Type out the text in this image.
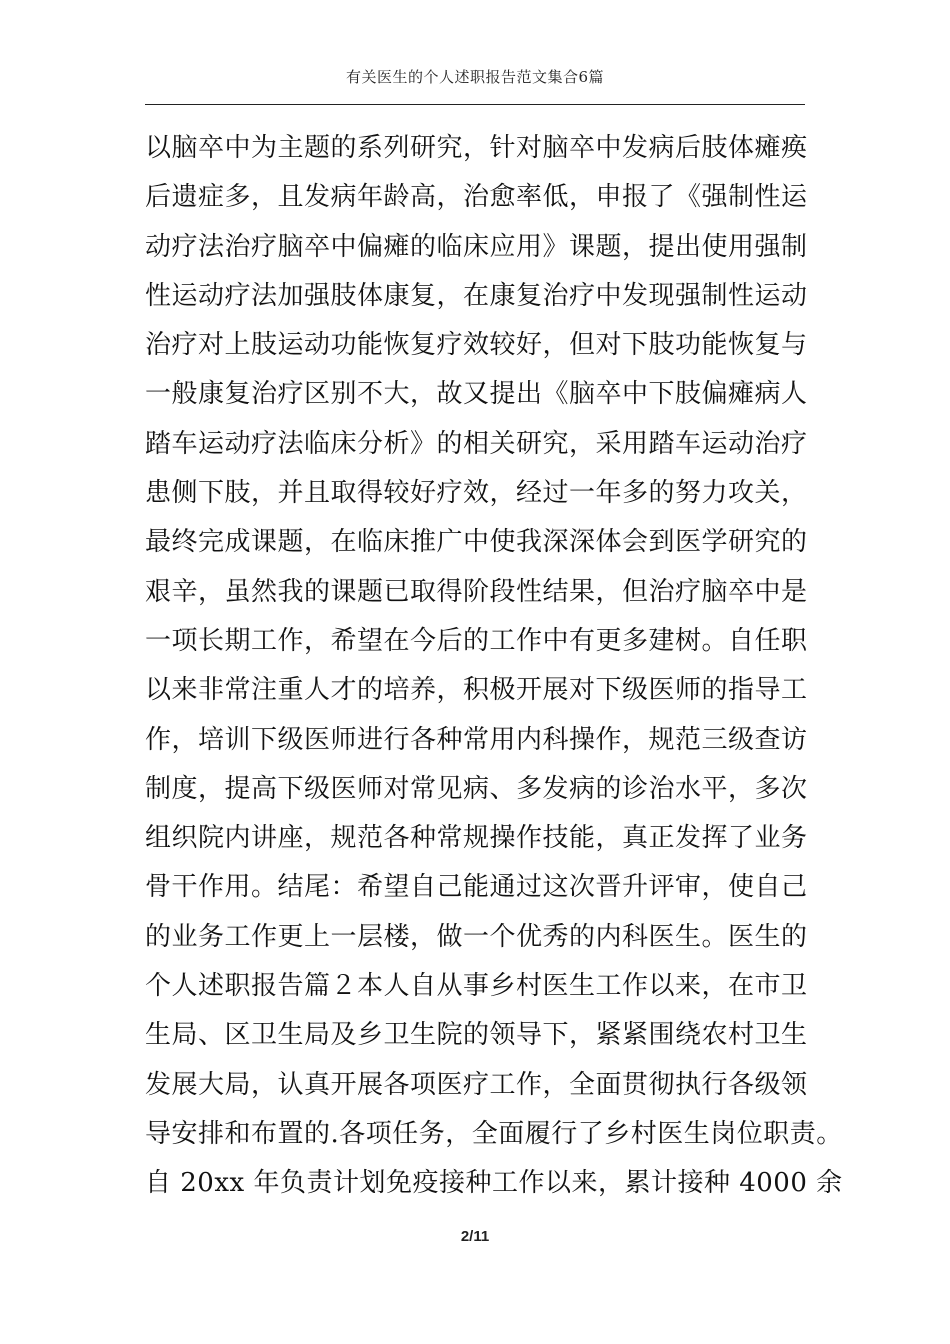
有关医生的个人述职报告范文集合6篇
以脑卒中为主题的系列研究，针对脑卒中发病后肢体瘫痪
后遗症多，且发病年龄高，治愈率低，申报了《强制性运
动疗法治疗脑卒中偏瘫的临床应用》课题，提出使用强制
性运动疗法加强肢体康复，在康复治疗中发现强制性运动
治疗对上肢运动功能恢复疗效较好，但对下肢功能恢复与
一般康复治疗区别不大，故又提出《脑卒中下肢偏瘫病人
踏车运动疗法临床分析》的相关研究，采用踏车运动治疗
患侧下肢，并且取得较好疗效，经过一年多的努力攻关，
最终完成课题，在临床推广中使我深深体会到医学研究的
艰辛，虽然我的课题已取得阶段性结果，但治疗脑卒中是
一项长期工作，希望在今后的工作中有更多建树。自任职
以来非常注重人才的培养，积极开展对下级医师的指导工
作，培训下级医师进行各种常用内科操作，规范三级查访
制度，提高下级医师对常见病、多发病的诊治水平，多次
组织院内讲座，规范各种常规操作技能，真正发挥了业务
骨干作用。结尾：希望自己能通过这次晋升评审，使自己
的业务工作更上一层楼，做一个优秀的内科医生。医生的
个人述职报告篇２本人自从事乡村医生工作以来，在市卫
生局、区卫生局及乡卫生院的领导下，紧紧围绕农村卫生
发展大局，认真开展各项医疗工作，全面贯彻执行各级领
导安排和布置的.各项任务，全面履行了乡村医生岗位职责。
自 20xx 年负责计划免疫接种工作以来，累计接种 4000 余
2/11
